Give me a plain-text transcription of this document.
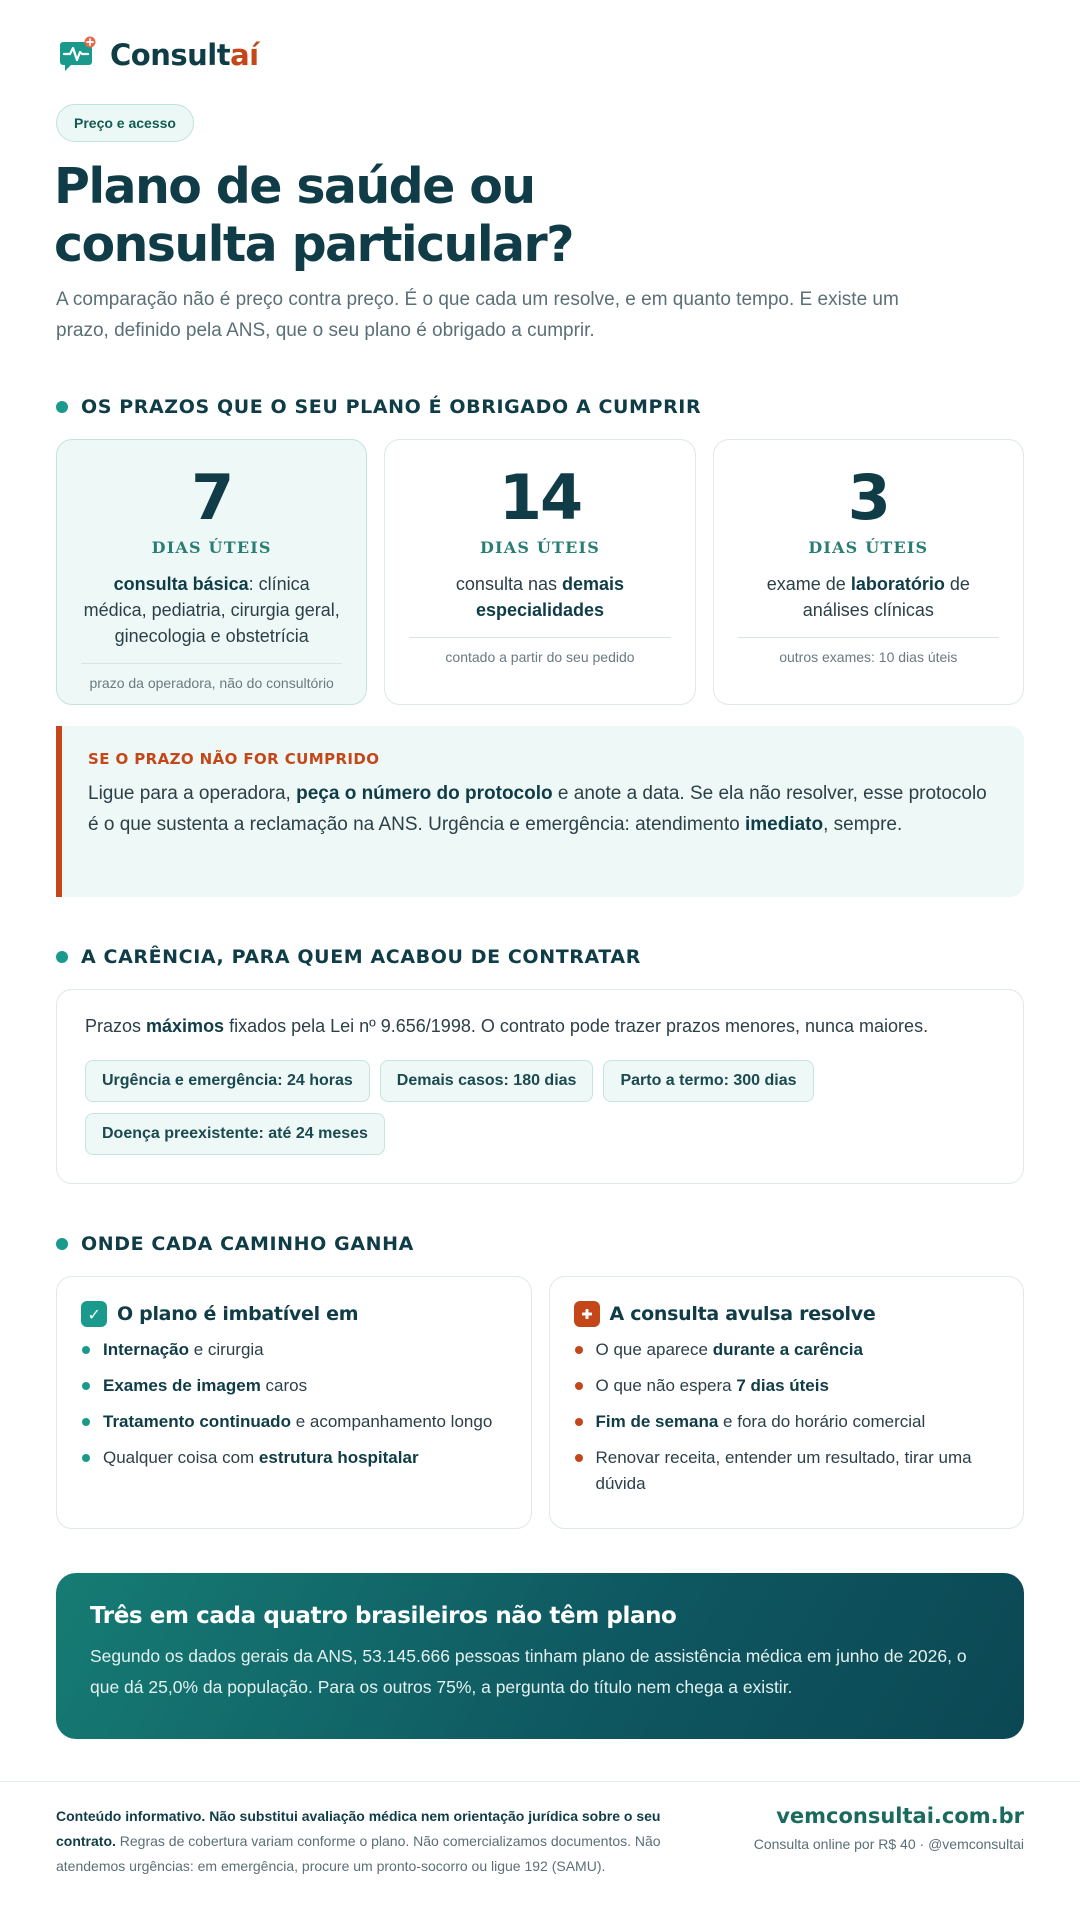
Consultaí
Preço e acesso
Plano de saúde ou consulta particular?

A comparação não é preço contra preço. É o que cada um resolve, e em quanto tempo. E existe um prazo, definido pela ANS, que o seu plano é obrigado a cumprir.

OS PRAZOS QUE O SEU PLANO É OBRIGADO A CUMPRIR
7
DIAS ÚTEIS
consulta básica: clínica médica, pediatria, cirurgia geral, ginecologia e obstetrícia
prazo da operadora, não do consultório
14
DIAS ÚTEIS
consulta nas demais especialidades
contado a partir do seu pedido
3
DIAS ÚTEIS
exame de laboratório de análises clínicas
outros exames: 10 dias úteis
SE O PRAZO NÃO FOR CUMPRIDO
Ligue para a operadora, peça o número do protocolo e anote a data. Se ela não resolver, esse protocolo é o que sustenta a reclamação na ANS. Urgência e emergência: atendimento imediato, sempre.
A CARÊNCIA, PARA QUEM ACABOU DE CONTRATAR
Prazos máximos fixados pela Lei nº 9.656/1998. O contrato pode trazer prazos menores, nunca maiores.
Urgência e emergência: 24 horas	Demais casos: 180 dias	Parto a termo: 300 dias
Doença preexistente: até 24 meses
ONDE CADA CAMINHO GANHA
✓ O plano é imbatível em
Internação e cirurgia
Exames de imagem caros
Tratamento continuado e acompanhamento longo
Qualquer coisa com estrutura hospitalar
A consulta avulsa resolve
O que aparece durante a carência
O que não espera 7 dias úteis
Fim de semana e fora do horário comercial
Renovar receita, entender um resultado, tirar uma dúvida
Três em cada quatro brasileiros não têm plano
Segundo os dados gerais da ANS, 53.145.666 pessoas tinham plano de assistência médica em junho de 2026, o que dá 25,0% da população. Para os outros 75%, a pergunta do título nem chega a existir.
Conteúdo informativo. Não substitui avaliação médica nem orientação jurídica sobre o seu contrato. Regras de cobertura variam conforme o plano. Não comercializamos documentos. Não atendemos urgências: em emergência, procure um pronto-socorro ou ligue 192 (SAMU).
vemconsultai.com.br
Consulta online por R$ 40 · @vemconsultai
